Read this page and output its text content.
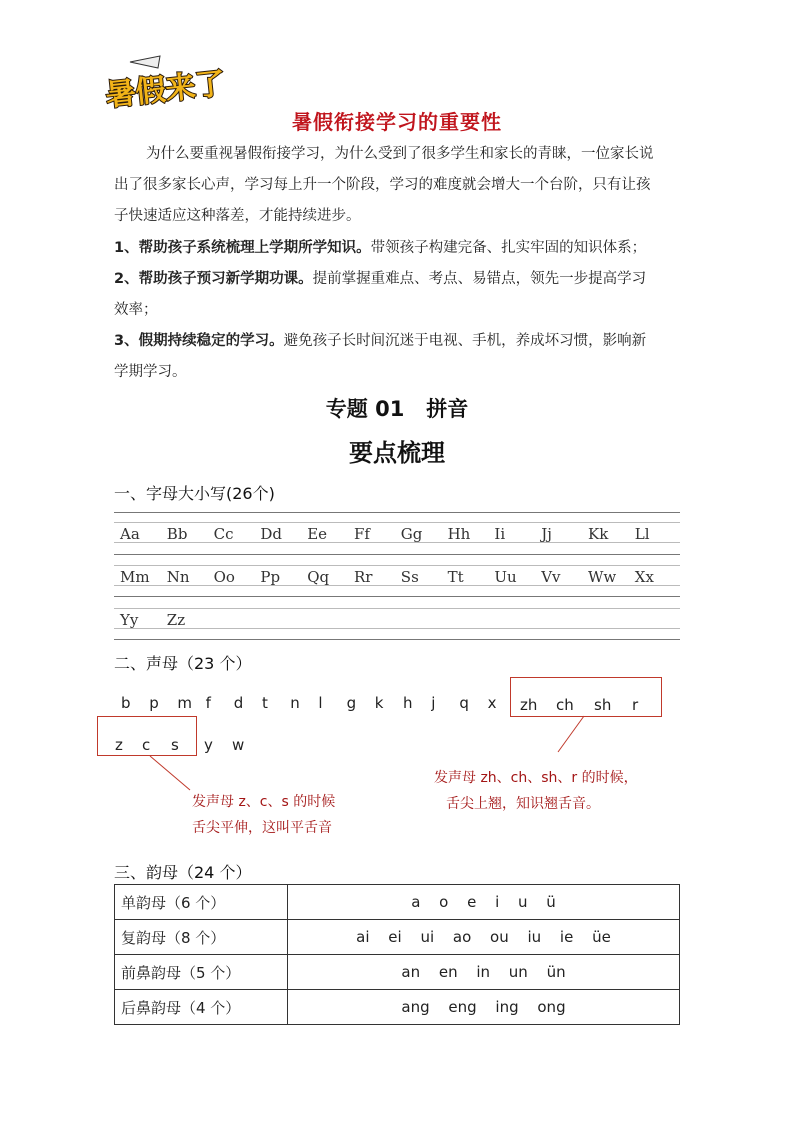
暑假来了
暑假衔接学习的重要性
为什么要重视暑假衔接学习，为什么受到了很多学生和家长的青睐，一位家长说
出了很多家长心声，学习每上升一个阶段，学习的难度就会增大一个台阶，只有让孩
子快速适应这种落差，才能持续进步。
1、帮助孩子系统梳理上学期所学知识。带领孩子构建完备、扎实牢固的知识体系；
2、帮助孩子预习新学期功课。提前掌握重难点、考点、易错点，领先一步提高学习
效率；
3、假期持续稳定的学习。避免孩子长时间沉迷于电视、手机，养成坏习惯，影响新
学期学习。
专题 01   拼音
要点梳理
一、字母大小写(26个)
Aa Bb Cc Dd Ee Ff Gg Hh Ii Jj Kk Ll
Mm Nn Oo Pp Qq Rr Ss Tt Uu Vv Ww Xx
Yy Zz
二、声母（23 个）
b p m f d t n l g k h j q x zh ch sh r
z c s y w
发声母 z、c、s 的时候
舌尖平伸，这叫平舌音
发声母 zh、ch、sh、r 的时候，
舌尖上翘，知识翘舌音。
三、韵母（24 个）
单韵母（6 个）	a o e i u ü
复韵母（8 个）	ai ei ui ao ou iu ie üe
前鼻韵母（5 个）	an en in un ün
后鼻韵母（4 个）	ang eng ing ong
